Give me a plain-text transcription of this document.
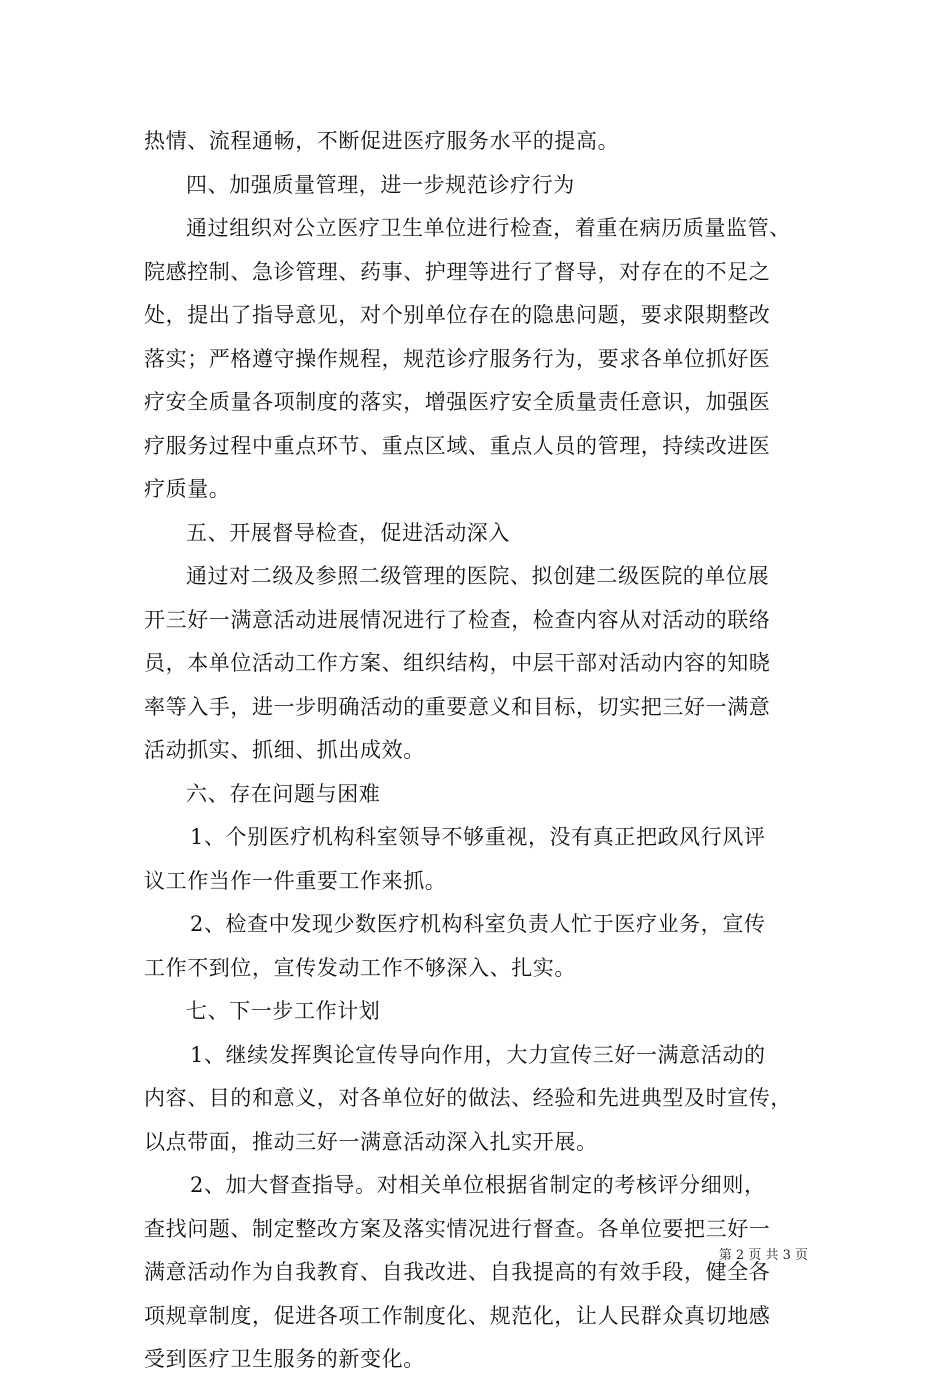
热情、流程通畅，不断促进医疗服务水平的提高。
四、加强质量管理，进一步规范诊疗行为
通过组织对公立医疗卫生单位进行检查，着重在病历质量监管、
院感控制、急诊管理、药事、护理等进行了督导，对存在的不足之
处，提出了指导意见，对个别单位存在的隐患问题，要求限期整改
落实；严格遵守操作规程，规范诊疗服务行为，要求各单位抓好医
疗安全质量各项制度的落实，增强医疗安全质量责任意识，加强医
疗服务过程中重点环节、重点区域、重点人员的管理，持续改进医
疗质量。
五、开展督导检查，促进活动深入
通过对二级及参照二级管理的医院、拟创建二级医院的单位展
开三好一满意活动进展情况进行了检查，检查内容从对活动的联络
员，本单位活动工作方案、组织结构，中层干部对活动内容的知晓
率等入手，进一步明确活动的重要意义和目标，切实把三好一满意
活动抓实、抓细、抓出成效。
六、存在问题与困难
1、个别医疗机构科室领导不够重视，没有真正把政风行风评
议工作当作一件重要工作来抓。
2、检查中发现少数医疗机构科室负责人忙于医疗业务，宣传
工作不到位，宣传发动工作不够深入、扎实。
七、下一步工作计划
1、继续发挥舆论宣传导向作用，大力宣传三好一满意活动的
内容、目的和意义，对各单位好的做法、经验和先进典型及时宣传，
以点带面，推动三好一满意活动深入扎实开展。
2、加大督查指导。对相关单位根据省制定的考核评分细则，
查找问题、制定整改方案及落实情况进行督查。各单位要把三好一
满意活动作为自我教育、自我改进、自我提高的有效手段，健全各
项规章制度，促进各项工作制度化、规范化，让人民群众真切地感
受到医疗卫生服务的新变化。
第 2 页 共 3 页
